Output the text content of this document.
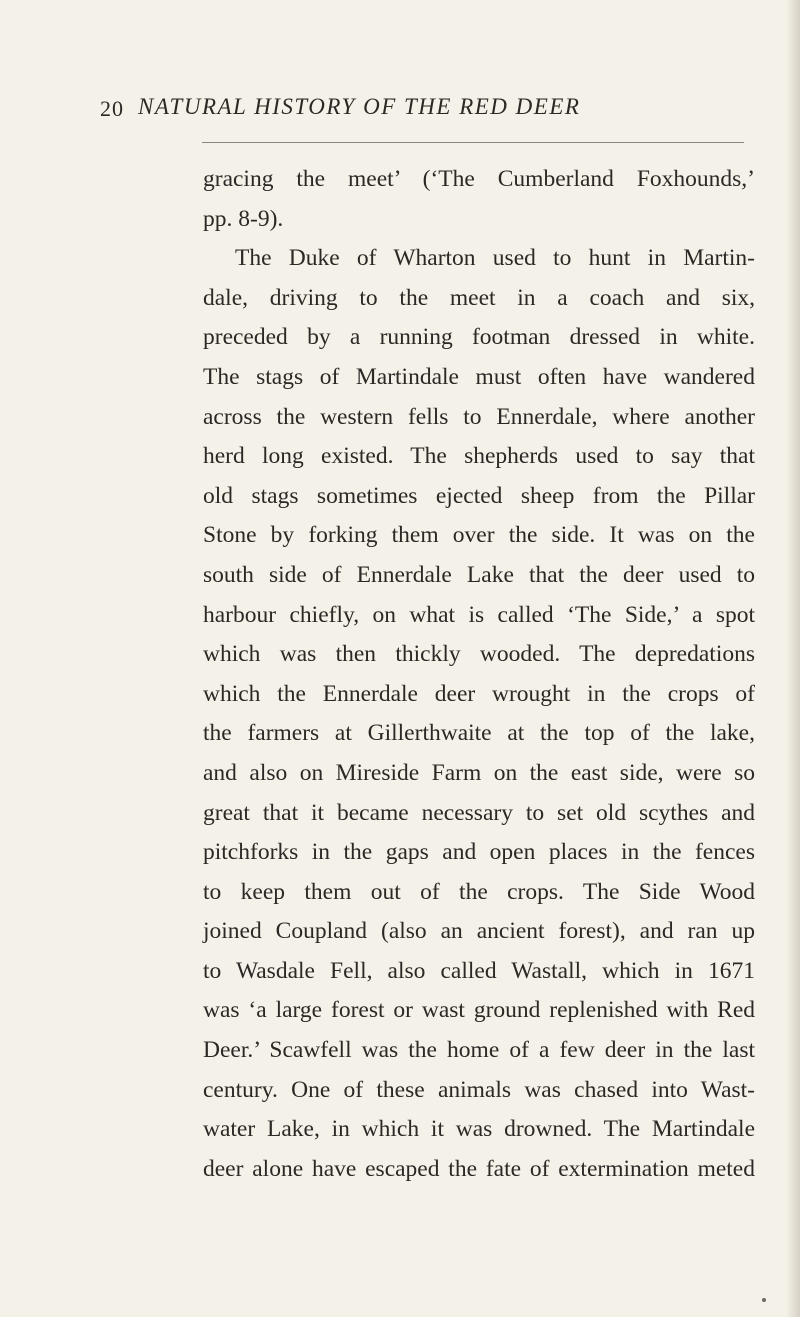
20 NATURAL HISTORY OF THE RED DEER
gracing the meet’ (‘The Cumberland Foxhounds,’
pp. 8-9).
The Duke of Wharton used to hunt in Martin-
dale, driving to the meet in a coach and six,
preceded by a running footman dressed in white.
The stags of Martindale must often have wandered
across the western fells to Ennerdale, where another
herd long existed. The shepherds used to say that
old stags sometimes ejected sheep from the Pillar
Stone by forking them over the side. It was on the
south side of Ennerdale Lake that the deer used to
harbour chiefly, on what is called ‘The Side,’ a spot
which was then thickly wooded. The depredations
which the Ennerdale deer wrought in the crops of
the farmers at Gillerthwaite at the top of the lake,
and also on Mireside Farm on the east side, were so
great that it became necessary to set old scythes and
pitchforks in the gaps and open places in the fences
to keep them out of the crops. The Side Wood
joined Coupland (also an ancient forest), and ran up
to Wasdale Fell, also called Wastall, which in 1671
was ‘a large forest or wast ground replenished with Red
Deer.’ Scawfell was the home of a few deer in the last
century. One of these animals was chased into Wast-
water Lake, in which it was drowned. The Martindale
deer alone have escaped the fate of extermination meted
